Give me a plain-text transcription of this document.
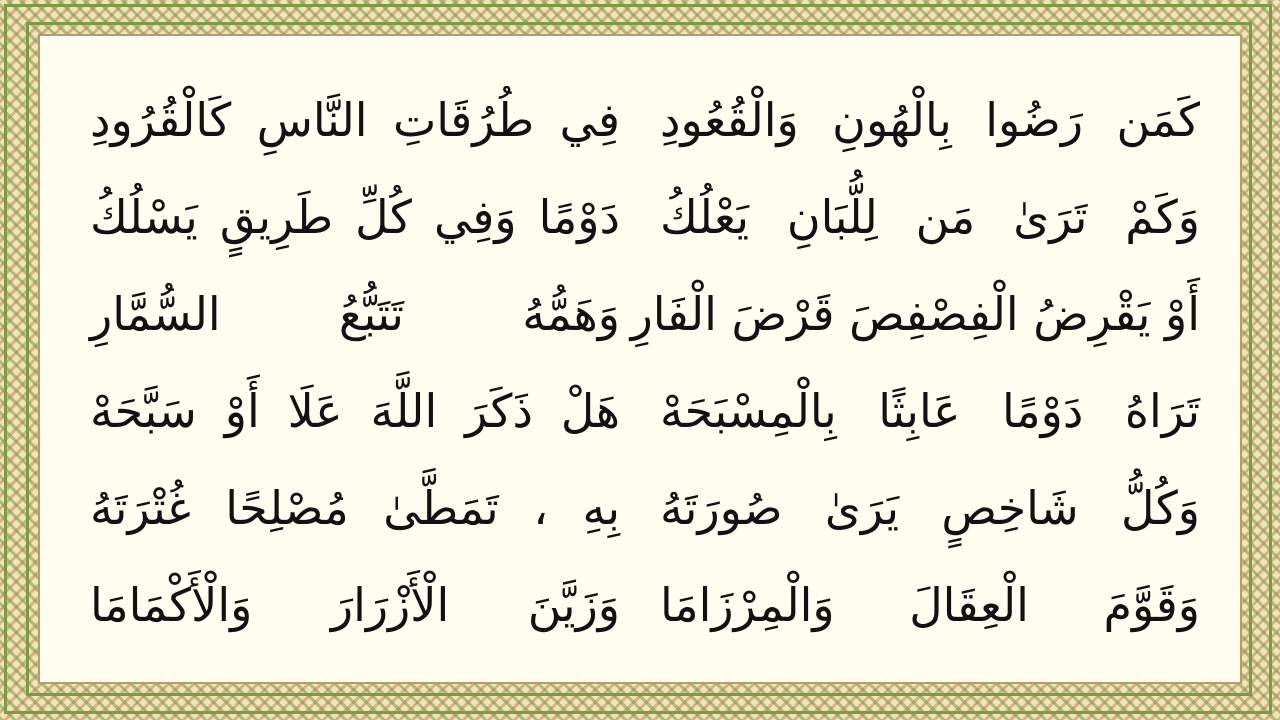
كَمَن رَضُوا بِالْهُونِ وَالْقُعُودِ
وَكَمْ تَرَىٰ مَن لِلُّبَانِ يَعْلُكُ
أَوْ يَقْرِضُ الْفِصْفِصَ قَرْضَ الْفَارِ
تَرَاهُ دَوْمًا عَابِثًا بِالْمِسْبَحَهْ
وَكُلُّ شَاخِصٍ يَرَىٰ صُورَتَهُ
وَقَوَّمَ الْعِقَالَ وَالْمِرْزَامَا
فِي طُرُقَاتِ النَّاسِ كَالْقُرُودِ
دَوْمًا وَفِي كُلِّ طَرِيقٍ يَسْلُكُ
وَهَمُّهُ تَتَبُّعُ السُّمَّارِ
هَلْ ذَكَرَ اللَّهَ عَلَا أَوْ سَبَّحَهْ
بِهِ ، تَمَطَّىٰ مُصْلِحًا غُتْرَتَهُ
وَزَيَّنَ الْأَزْرَارَ وَالْأَكْمَامَا
